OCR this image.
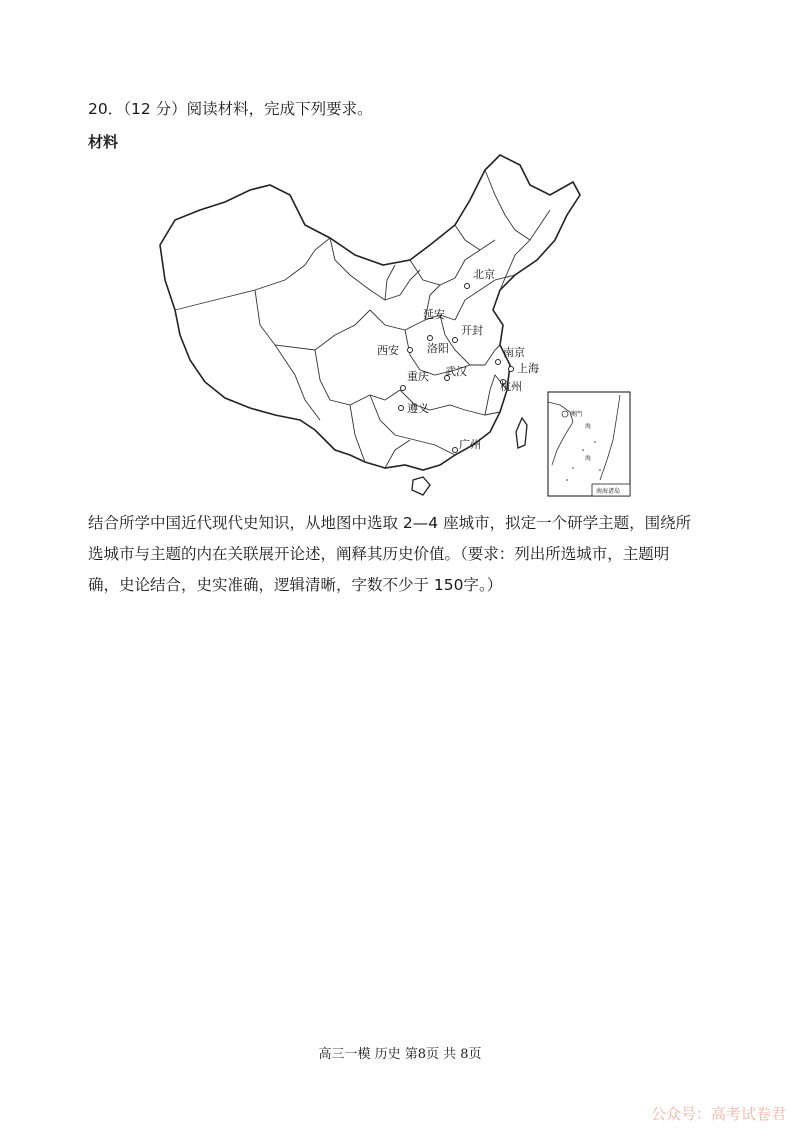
20．（12 分）阅读材料，完成下列要求。
材料
北京
延安
开封
西安	洛阳	南京
上海
重庆 武汉
杭州
遵义
广州
澳門
海
海
南海诸岛

结合所学中国近代现代史知识，从地图中选取 2—4 座城市，拟定一个研学主题，围绕所

选城市与主题的内在关联展开论述，阐释其历史价值。（要求：列出所选城市，主题明

确，史论结合，史实准确，逻辑清晰，字数不少于 150字。）

高三一模 历史 第8页 共 8页
公众号：高考试卷君
